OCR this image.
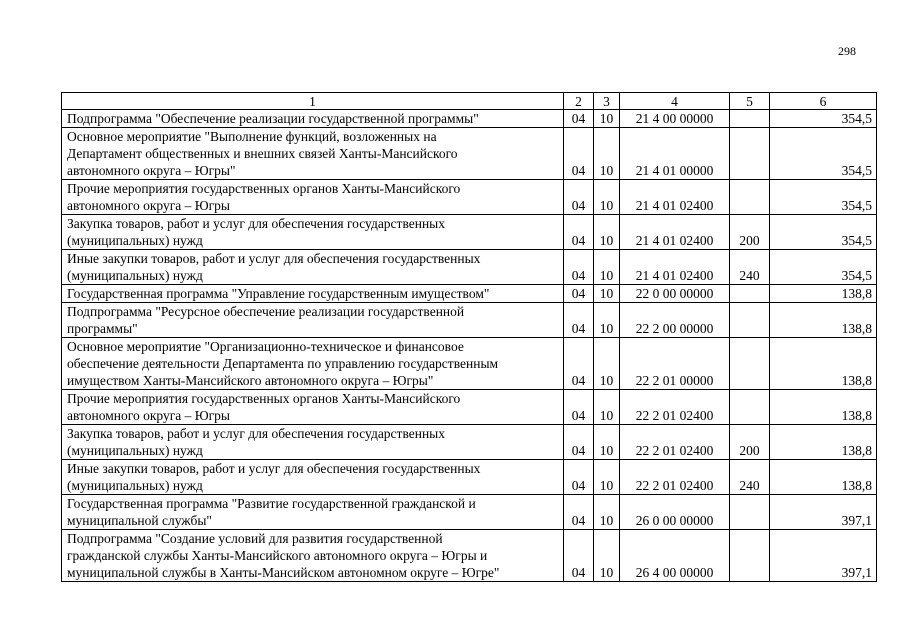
298
1	2	3	4	5	6

Подпрограмма "Обеспечение реализации государственной программы"	04	10	21 4 00 00000		354,5

Основное мероприятие "Выполнение функций, возложенных на
Департамент общественных и внешних связей Ханты-Мансийского
автономного округа – Югры"	04	10	21 4 01 00000		354,5

Прочие мероприятия государственных органов Ханты-Мансийского
автономного округа – Югры	04	10	21 4 01 02400		354,5

Закупка товаров, работ и услуг для обеспечения государственных
(муниципальных) нужд	04	10	21 4 01 02400	200	354,5

Иные закупки товаров, работ и услуг для обеспечения государственных
(муниципальных) нужд	04	10	21 4 01 02400	240	354,5

Государственная программа "Управление государственным имуществом"	04	10	22 0 00 00000		138,8

Подпрограмма "Ресурсное обеспечение реализации государственной
программы"	04	10	22 2 00 00000		138,8

Основное мероприятие "Организационно-техническое и финансовое
обеспечение деятельности Департамента по управлению государственным
имуществом Ханты-Мансийского автономного округа – Югры"	04	10	22 2 01 00000		138,8

Прочие мероприятия государственных органов Ханты-Мансийского
автономного округа – Югры	04	10	22 2 01 02400		138,8

Закупка товаров, работ и услуг для обеспечения государственных
(муниципальных) нужд	04	10	22 2 01 02400	200	138,8

Иные закупки товаров, работ и услуг для обеспечения государственных
(муниципальных) нужд	04	10	22 2 01 02400	240	138,8

Государственная программа "Развитие государственной гражданской и
муниципальной службы"	04	10	26 0 00 00000		397,1

Подпрограмма "Создание условий для развития государственной
гражданской службы Ханты-Мансийского автономного округа – Югры и
муниципальной службы в Ханты-Мансийском автономном округе – Югре"	04	10	26 4 00 00000		397,1
